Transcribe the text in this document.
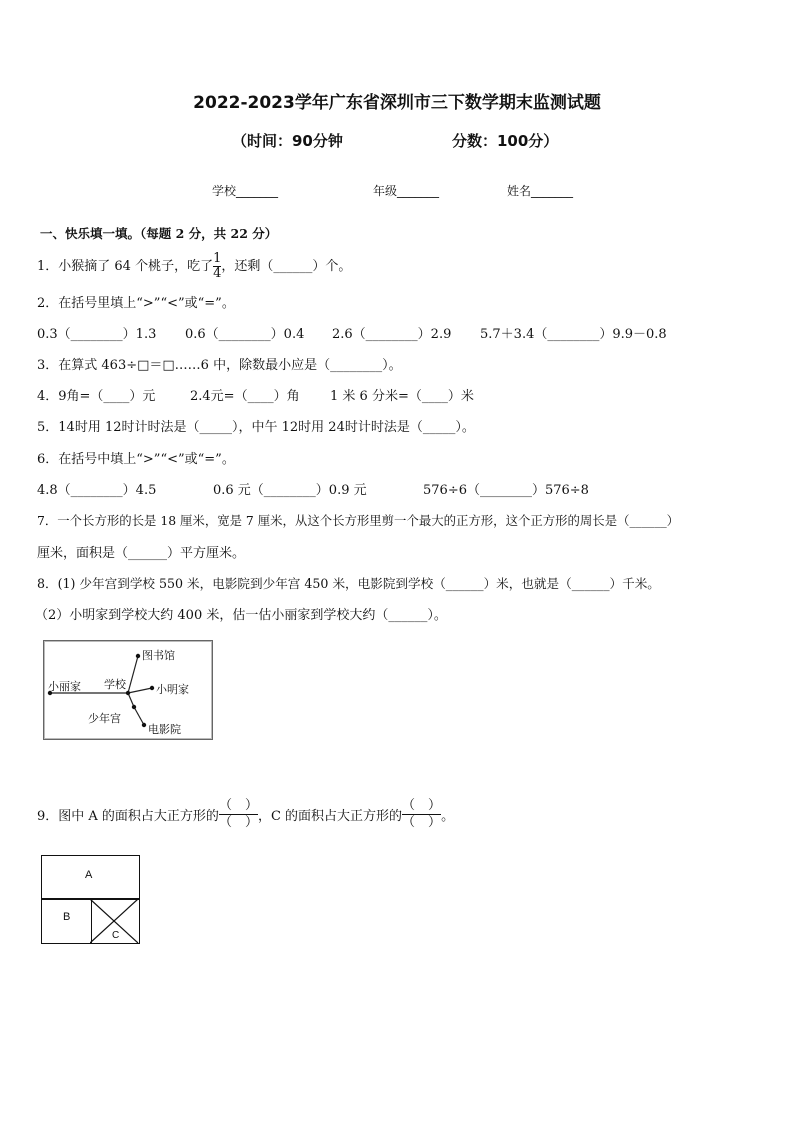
2022-2023学年广东省深圳市三下数学期末监测试题
（时间：90分钟	分数：100分）
学校_______	年级_______	姓名_______
一、快乐填一填。（每题 2 分，共 22 分）
1．小猴摘了 64 个桃子，吃了 $\frac{1}{4}$ ，还剩（______）个。
2．在括号里填上“>”“<”或“=”。
0.3（________）1.3 0.6（________）0.4 2.6（________）2.9 5.7＋3.4（________）9.9－0.8
3．在算式 463÷□＝□……6 中，除数最小应是（________）。
4．9角=（____）元	2.4元=（____）角 1 米 6 分米=（____）米
5．14时用 12时计时法是（_____），中午 12时用 24时计时法是（_____）。
6．在括号中填上“>”“<”或“=”。
4.8（________）4.5	0.6 元（________）0.9 元	576÷6（________）576÷8
7．一个长方形的长是 18 厘米，宽是 7 厘米，从这个长方形里剪一个最大的正方形，这个正方形的周长是（______）
厘米，面积是（______）平方厘米。
8．(1) 少年宫到学校 550 米，电影院到少年宫 450 米，电影院到学校（______）米，也就是（______）千米。
（2）小明家到学校大约 400 米，估一估小丽家到学校大约（______）。
图书馆
小丽家 学校	小明家
少年宫
电影院
9．图中 A 的面积占大正方形的 $\frac{( )}{( )}$ ，C 的面积占大正方形的 $\frac{( )}{( )}$ 。
A
B
C
